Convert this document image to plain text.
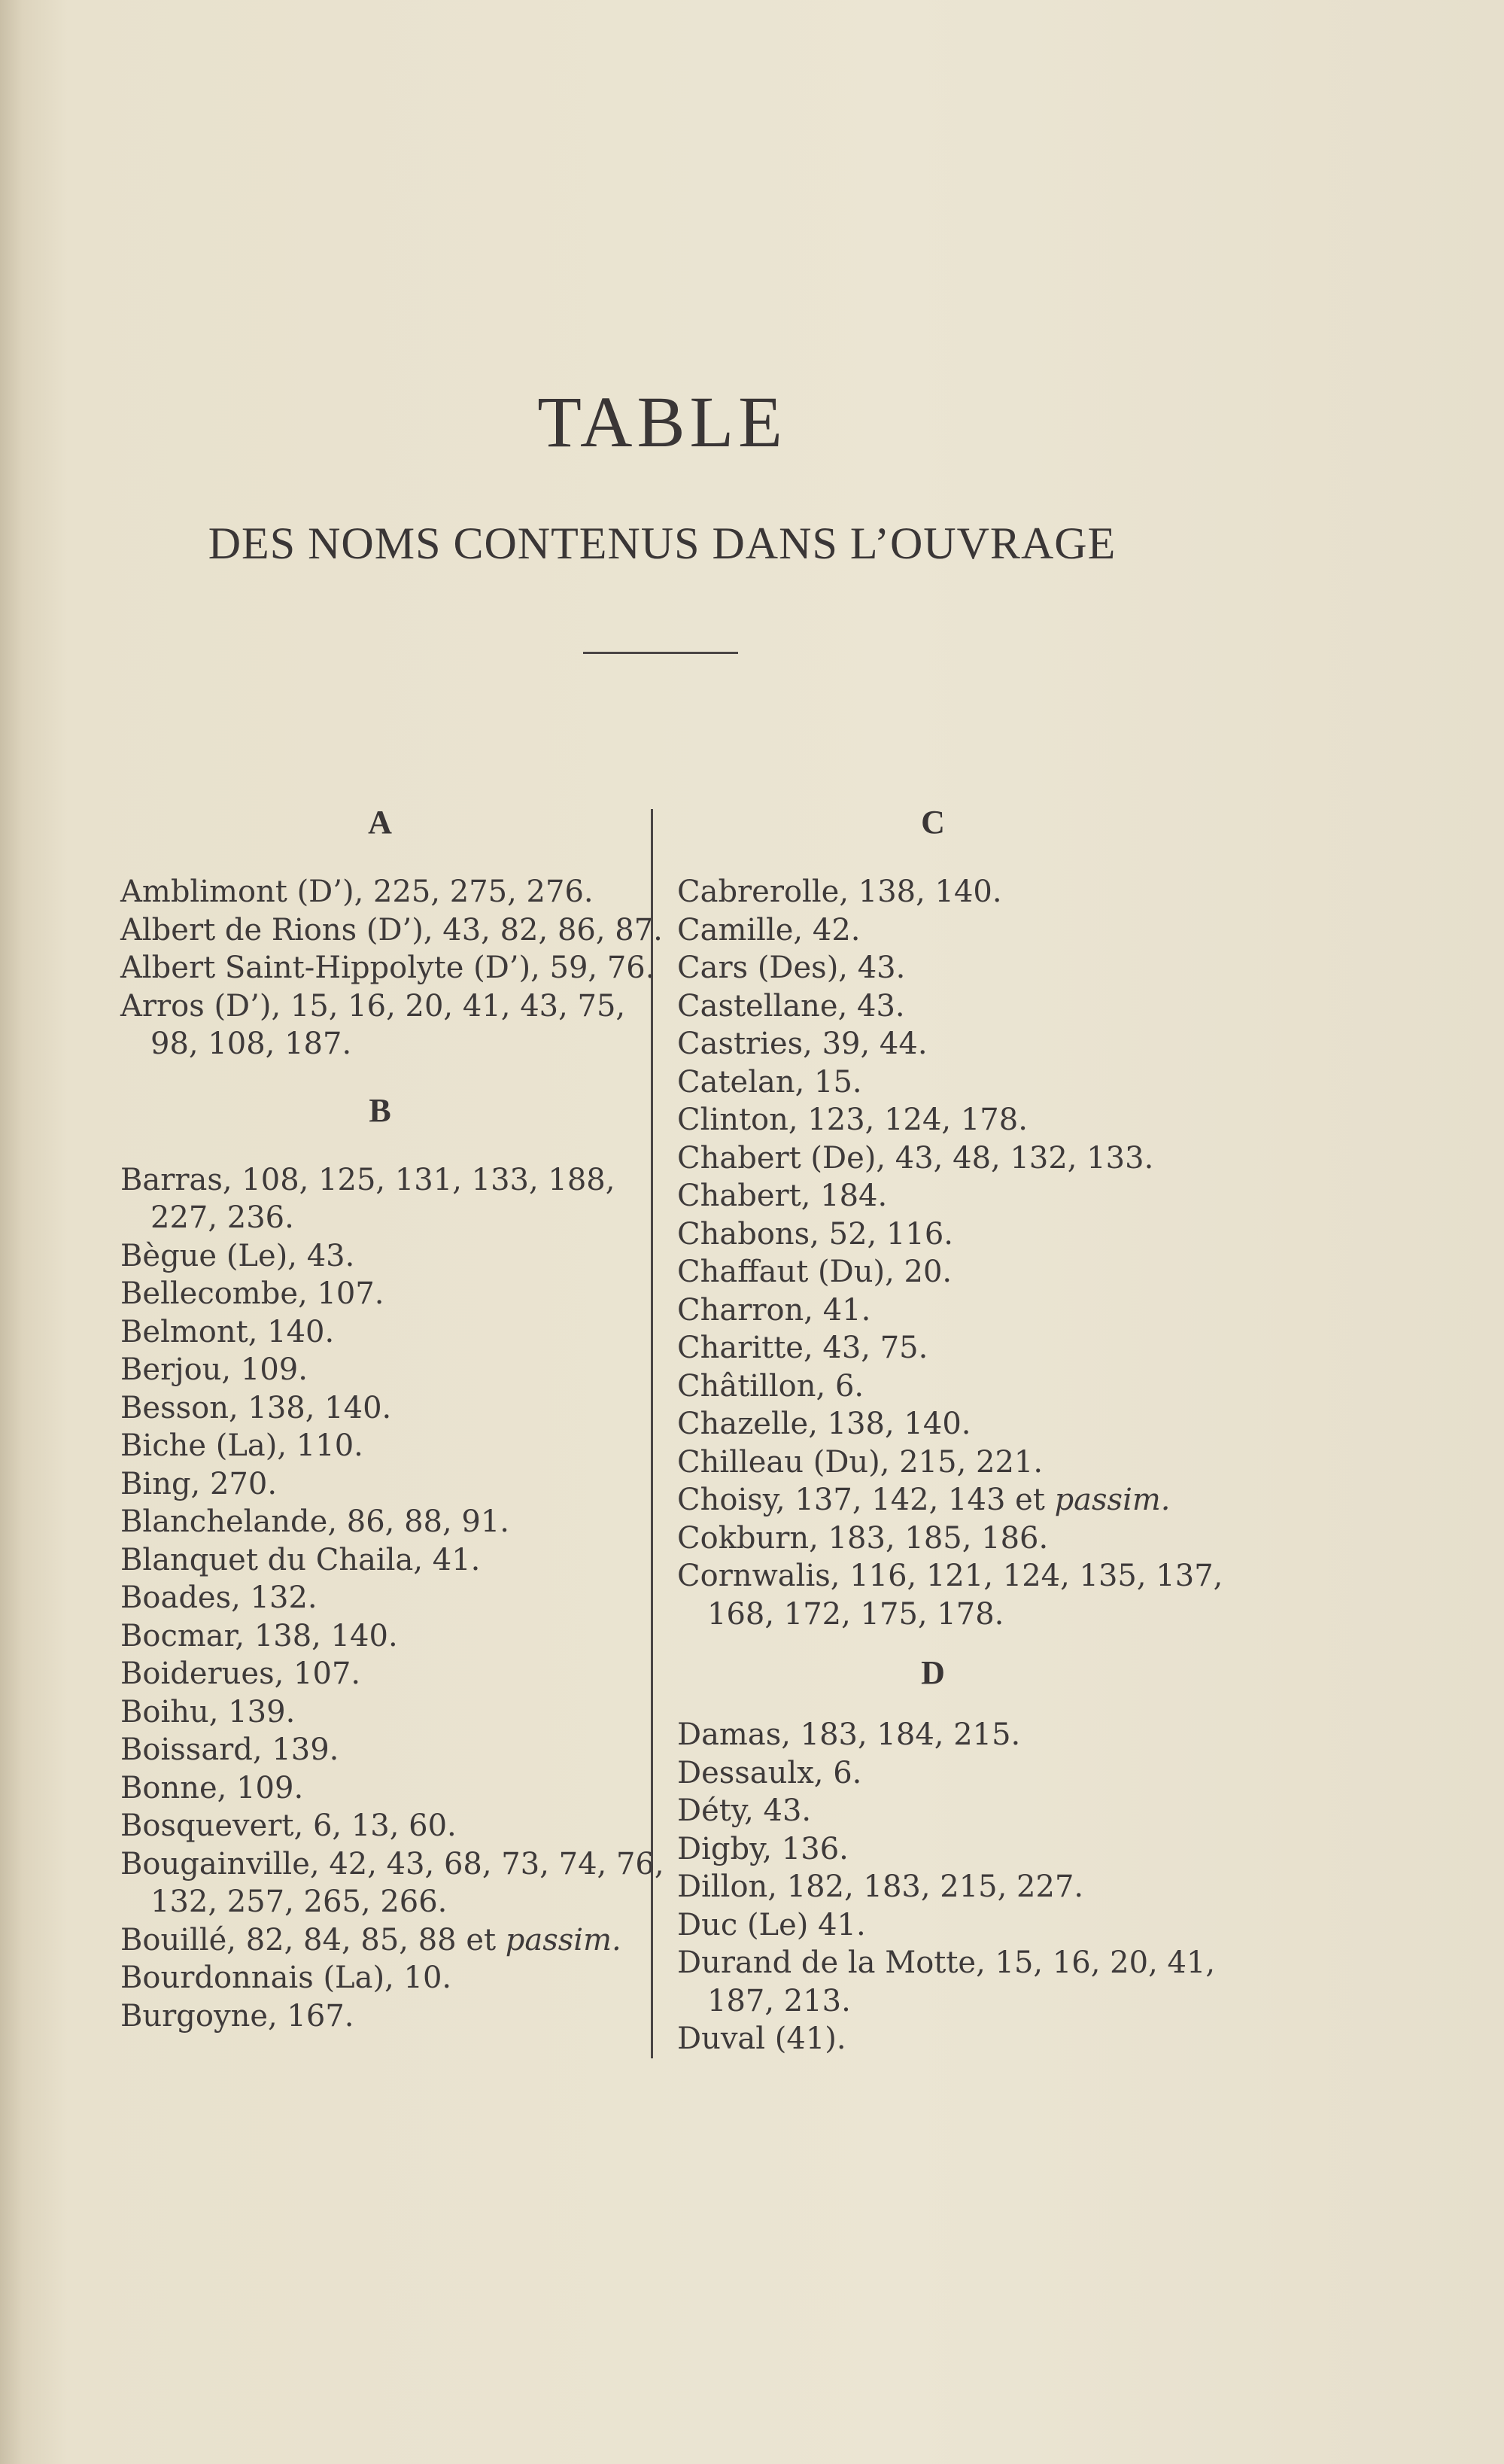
TABLE
DES NOMS CONTENUS DANS L’OUVRAGE
A
Amblimont (D’), 225, 275, 276.
Albert de Rions (D’), 43, 82, 86, 87.
Albert Saint-Hippolyte (D’), 59, 76.
Arros (D’), 15, 16, 20, 41, 43, 75,
98, 108, 187.
B
Barras, 108, 125, 131, 133, 188,
227, 236.
Bègue (Le), 43.
Bellecombe, 107.
Belmont, 140.
Berjou, 109.
Besson, 138, 140.
Biche (La), 110.
Bing, 270.
Blanchelande, 86, 88, 91.
Blanquet du Chaila, 41.
Boades, 132.
Bocmar, 138, 140.
Boiderues, 107.
Boihu, 139.
Boissard, 139.
Bonne, 109.
Bosquevert, 6, 13, 60.
Bougainville, 42, 43, 68, 73, 74, 76,
132, 257, 265, 266.
Bouillé, 82, 84, 85, 88 et passim.
Bourdonnais (La), 10.
Burgoyne, 167.
C
Cabrerolle, 138, 140.
Camille, 42.
Cars (Des), 43.
Castellane, 43.
Castries, 39, 44.
Catelan, 15.
Clinton, 123, 124, 178.
Chabert (De), 43, 48, 132, 133.
Chabert, 184.
Chabons, 52, 116.
Chaffaut (Du), 20.
Charron, 41.
Charitte, 43, 75.
Châtillon, 6.
Chazelle, 138, 140.
Chilleau (Du), 215, 221.
Choisy, 137, 142, 143 et passim.
Cokburn, 183, 185, 186.
Cornwalis, 116, 121, 124, 135, 137,
168, 172, 175, 178.
D
Damas, 183, 184, 215.
Dessaulx, 6.
Déty, 43.
Digby, 136.
Dillon, 182, 183, 215, 227.
Duc (Le) 41.
Durand de la Motte, 15, 16, 20, 41,
187, 213.
Duval (41).
